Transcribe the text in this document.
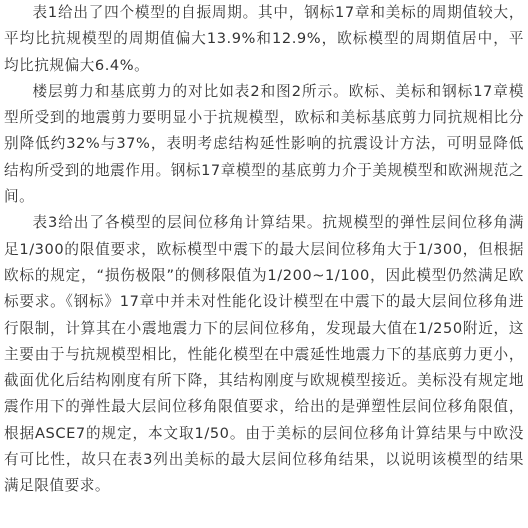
表1给出了四个模型的自振周期。其中，钢标17章和美标的周期值较大，平均比抗规模型的周期值偏大13.9%和12.9%，欧标模型的周期值居中，平均比抗规偏大6.4%。

楼层剪力和基底剪力的对比如表2和图2所示。欧标、美标和钢标17章模型所受到的地震剪力要明显小于抗规模型，欧标和美标基底剪力同抗规相比分别降低约32%与37%，表明考虑结构延性影响的抗震设计方法，可明显降低结构所受到的地震作用。钢标17章模型的基底剪力介于美规模型和欧洲规范之间。

表3给出了各模型的层间位移角计算结果。抗规模型的弹性层间位移角满足1/300的限值要求，欧标模型中震下的最大层间位移角大于1/300，但根据欧标的规定，“损伤极限”的侧移限值为1/200~1/100，因此模型仍然满足欧标要求。《钢标》17章中并未对性能化设计模型在中震下的最大层间位移角进行限制，计算其在小震地震力下的层间位移角，发现最大值在1/250附近，这主要由于与抗规模型相比，性能化模型在中震延性地震力下的基底剪力更小，截面优化后结构刚度有所下降，其结构刚度与欧规模型接近。美标没有规定地震作用下的弹性最大层间位移角限值要求，给出的是弹塑性层间位移角限值，根据ASCE7的规定，本文取1/50。由于美标的层间位移角计算结果与中欧没有可比性，故只在表3列出美标的最大层间位移角结果，以说明该模型的结果满足限值要求。
